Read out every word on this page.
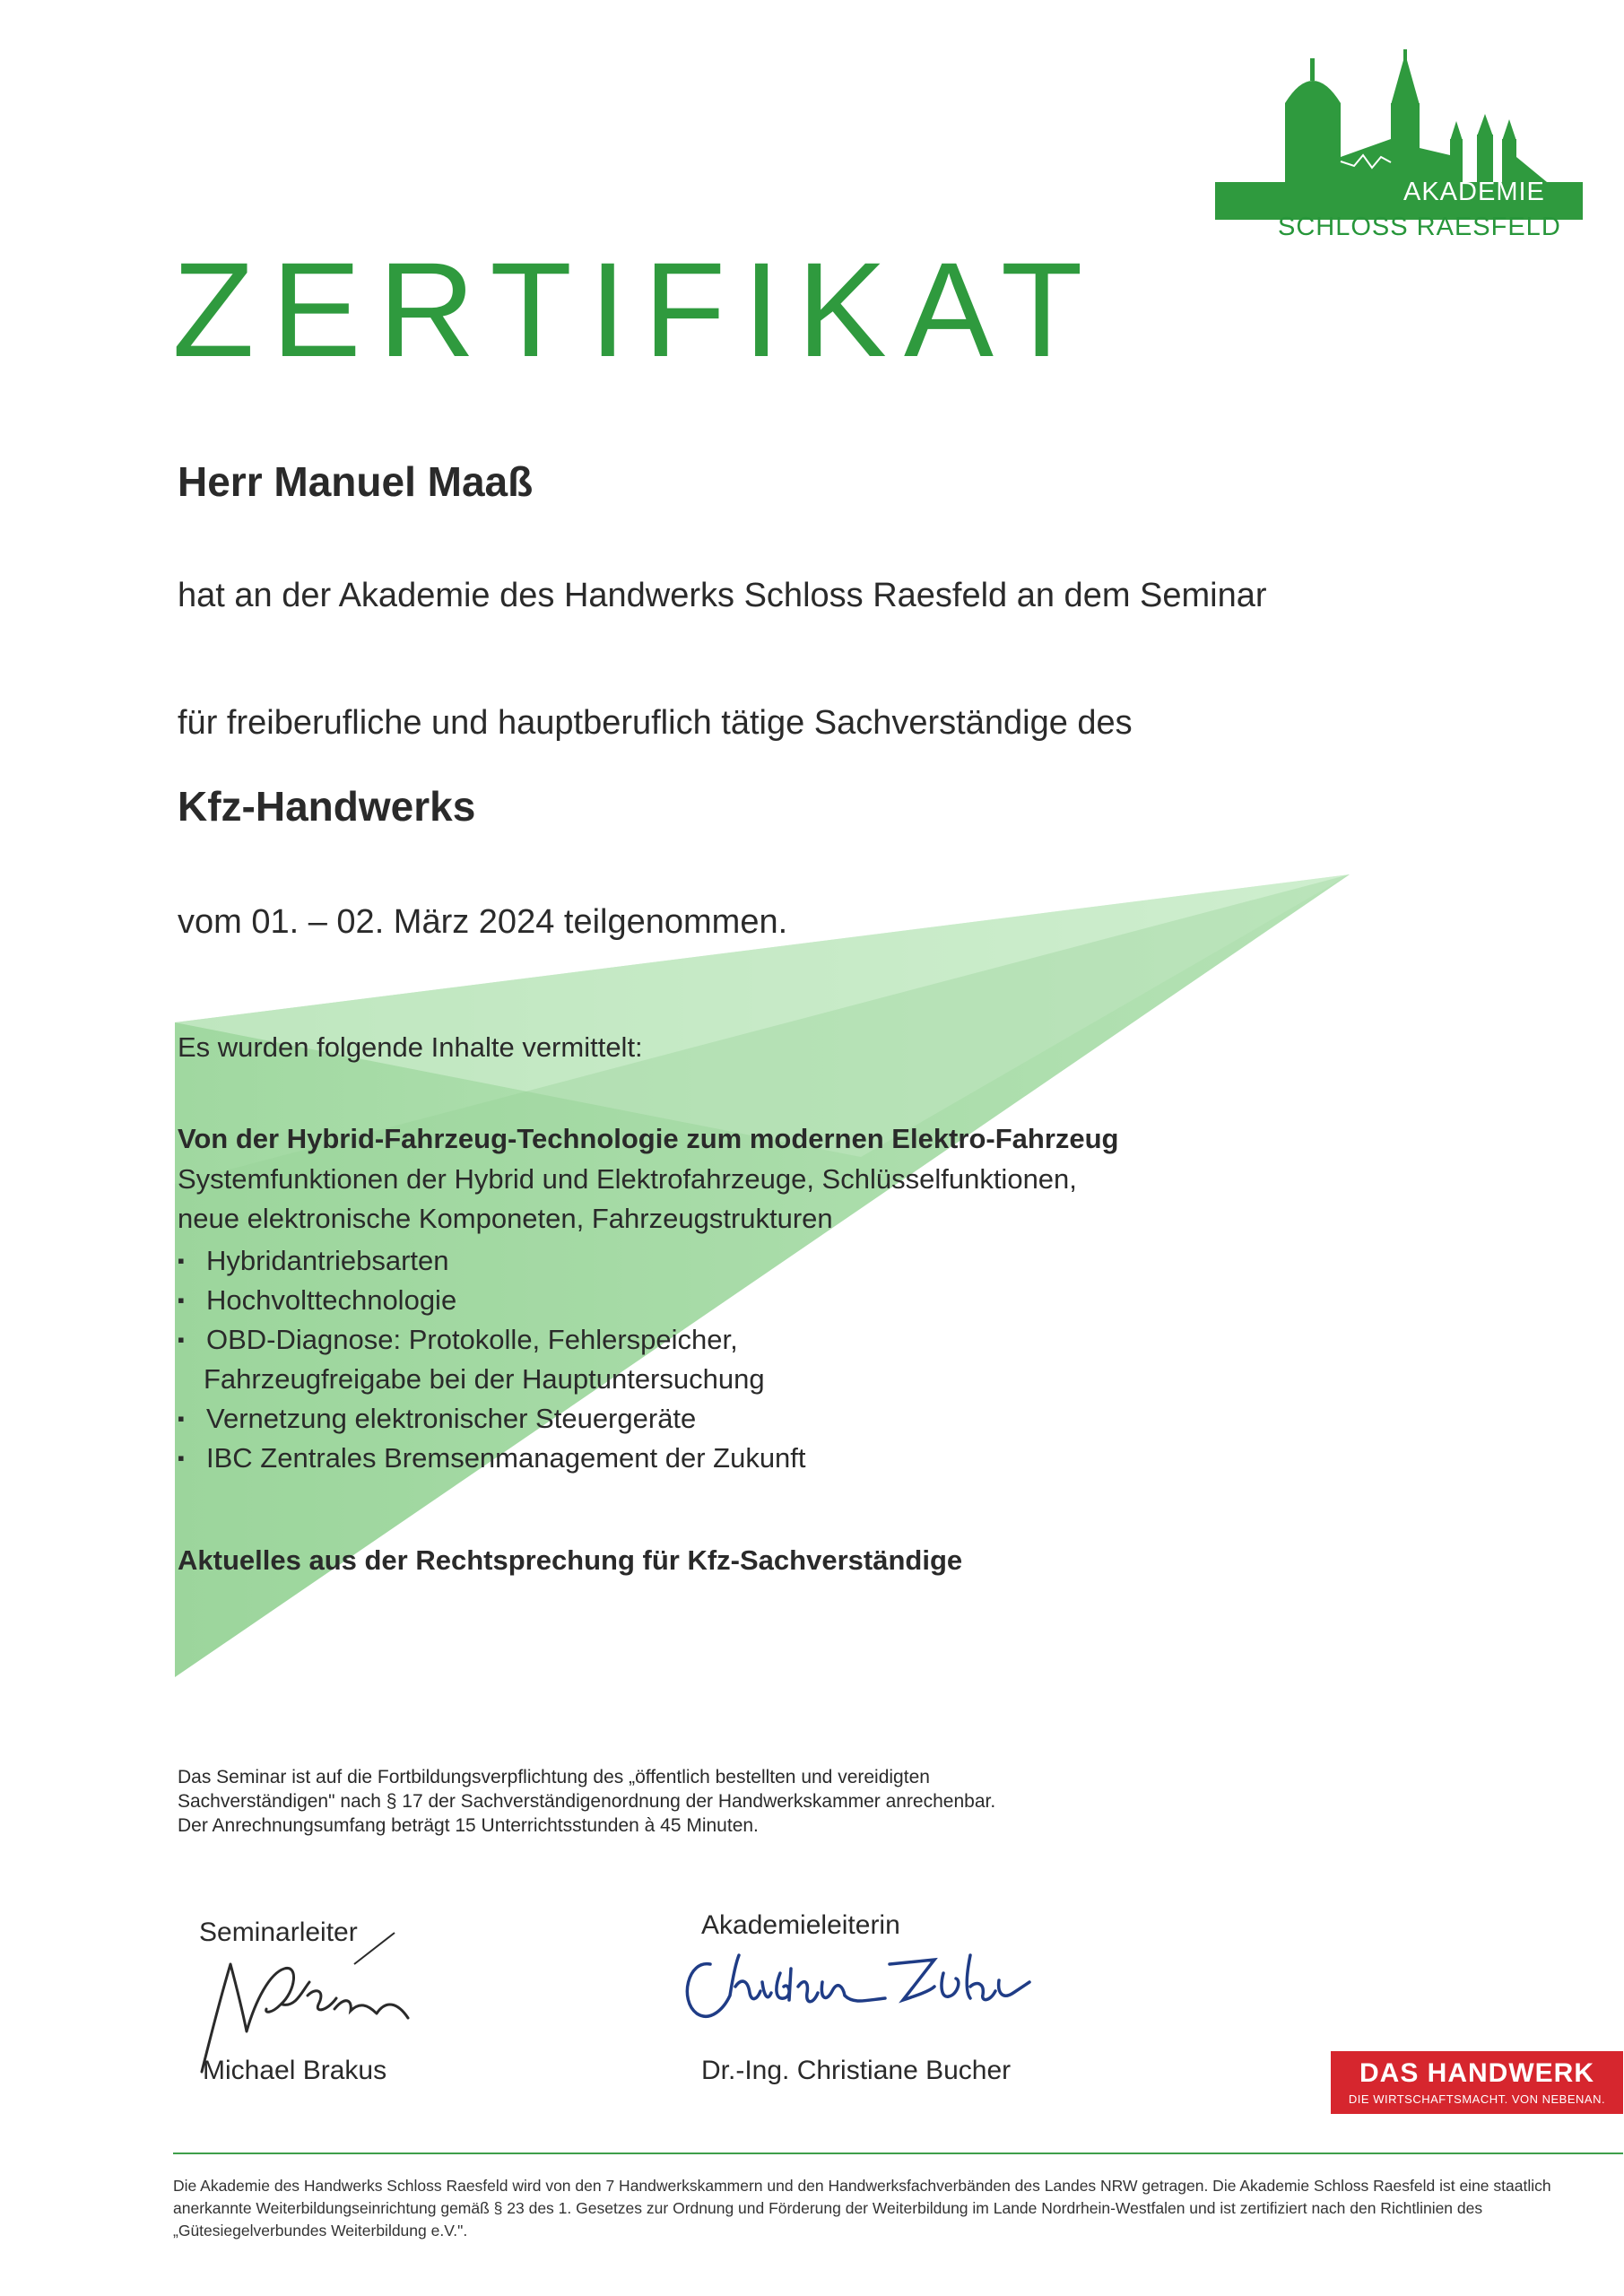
AKADEMIE
SCHLOSS RAESFELD
ZERTIFIKAT
Herr Manuel Maaß
hat an der Akademie des Handwerks Schloss Raesfeld an dem Seminar
für freiberufliche und hauptberuflich tätige Sachverständige des
Kfz-Handwerks
vom 01. – 02. März 2024 teilgenommen.
Es wurden folgende Inhalte vermittelt:
Von der Hybrid-Fahrzeug-Technologie zum modernen Elektro-Fahrzeug
Systemfunktionen der Hybrid und Elektrofahrzeuge, Schlüsselfunktionen,
neue elektronische Komponeten, Fahrzeugstrukturen
▪ Hybridantriebsarten
▪ Hochvolttechnologie
▪ OBD-Diagnose: Protokolle, Fehlerspeicher,
Fahrzeugfreigabe bei der Hauptuntersuchung
▪ Vernetzung elektronischer Steuergeräte
▪ IBC Zentrales Bremsenmanagement der Zukunft
Aktuelles aus der Rechtsprechung für Kfz-Sachverständige
Das Seminar ist auf die Fortbildungsverpflichtung des „öffentlich bestellten und vereidigten
Sachverständigen" nach § 17 der Sachverständigenordnung der Handwerkskammer anrechenbar.
Der Anrechnungsumfang beträgt 15 Unterrichtsstunden à 45 Minuten.
Seminarleiter
Michael Brakus
Akademieleiterin
Dr.-Ing. Christiane Bucher	DAS HANDWERK
DIE WIRTSCHAFTSMACHT. VON NEBENAN.
Die Akademie des Handwerks Schloss Raesfeld wird von den 7 Handwerkskammern und den Handwerksfachverbänden des Landes NRW getragen. Die Akademie Schloss Raesfeld ist eine staatlich anerkannte Weiterbildungseinrichtung gemäß § 23 des 1. Gesetzes zur Ordnung und Förderung der Weiterbildung im Lande Nordrhein-Westfalen und ist zertifiziert nach den Richtlinien des „Gütesiegelverbundes Weiterbildung e.V.".
